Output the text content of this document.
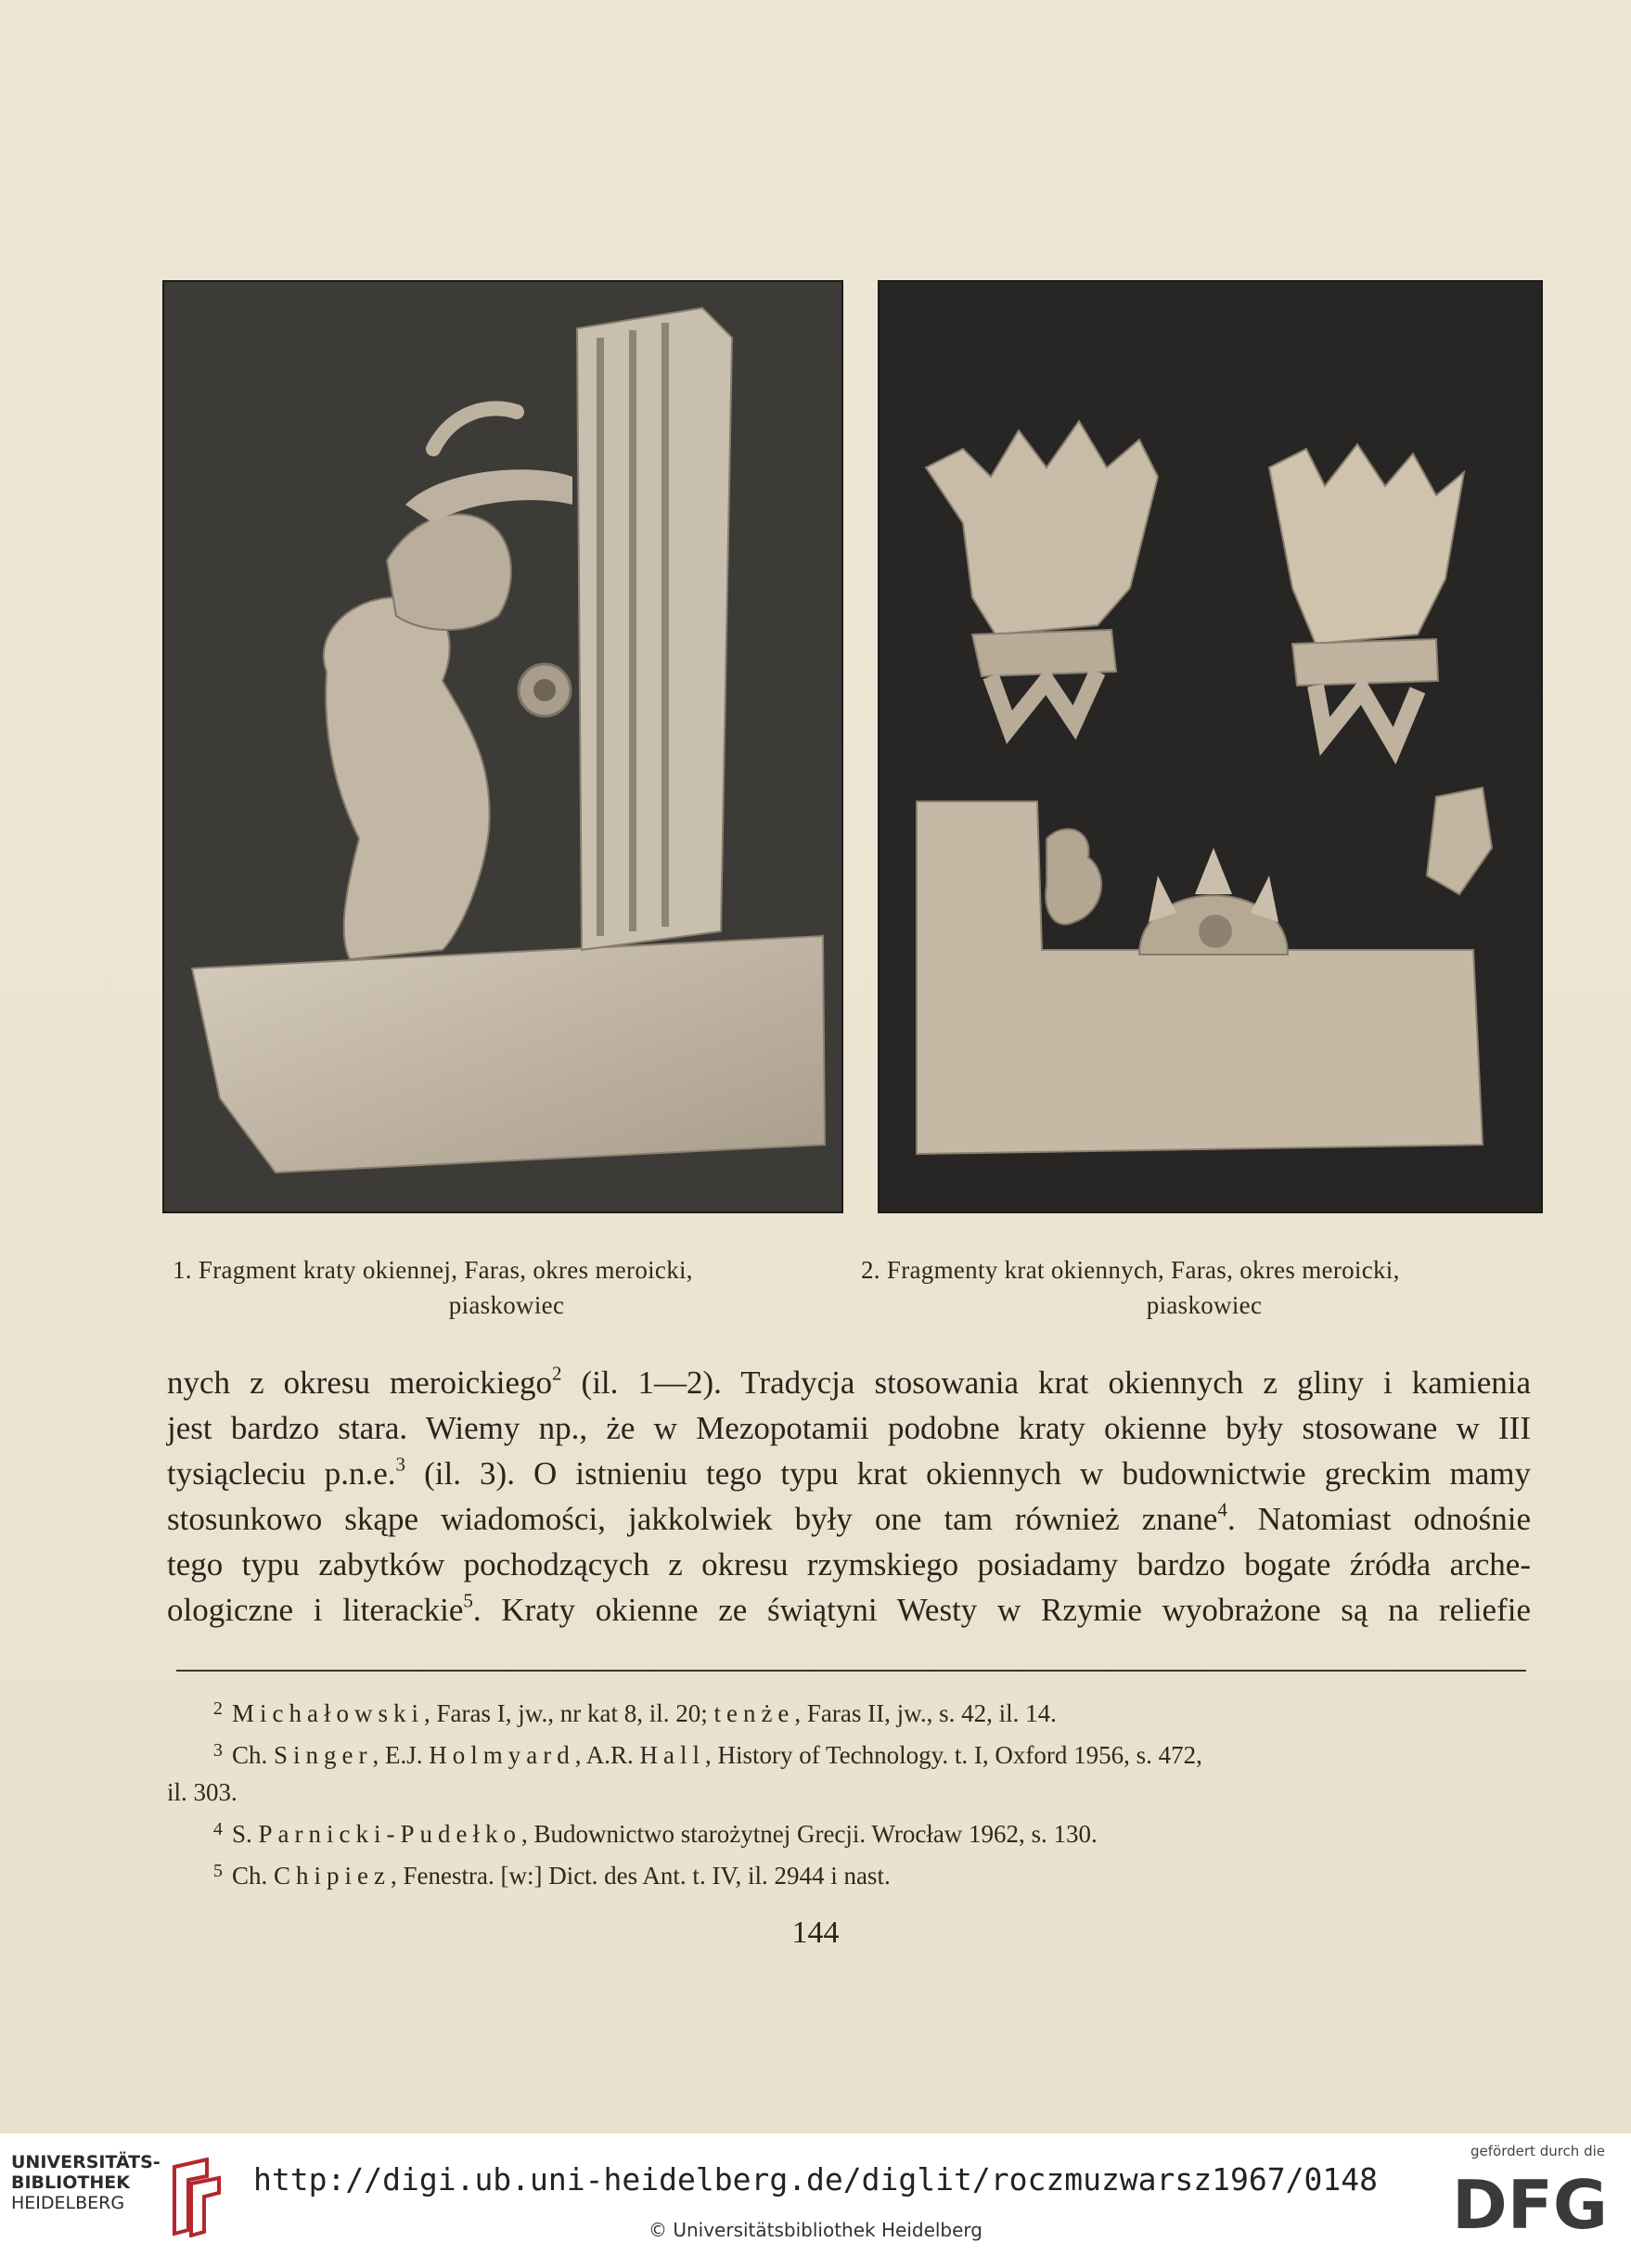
1. Fragment kraty okiennej, Faras, okres meroicki,
piaskowiec
2. Fragmenty krat okiennych, Faras, okres meroicki,
piaskowiec

nych z okresu meroickiego$^2$ (il. 1—2). Tradycja stosowania krat okiennych z gliny i kamienia

jest bardzo stara. Wiemy np., że w Mezopotamii podobne kraty okienne były stosowane w III

tysiącleciu p.n.e.$^3$ (il. 3). O istnieniu tego typu krat okiennych w budownictwie greckim mamy

stosunkowo skąpe wiadomości, jakkolwiek były one tam również znane$^4$. Natomiast odnośnie

tego typu zabytków pochodzących z okresu rzymskiego posiadamy bardzo bogate źródła arche-

ologiczne i literackie$^5$. Kraty okienne ze świątyni Westy w Rzymie wyobrażone są na reliefie

2 Michałowski, Faras I, jw., nr kat 8, il. 20; tenże, Faras II, jw., s. 42, il. 14.

3 Ch. Singer, E.J. Holmyard, A.R. Hall, History of Technology. t. I, Oxford 1956, s. 472,

il. 303.

4 S. Parnicki-Pudełko, Budownictwo starożytnej Grecji. Wrocław 1962, s. 130.

5 Ch. Chipiez, Fenestra. [w:] Dict. des Ant. t. IV, il. 2944 i nast.

144
UNIVERSITÄTS-
BIBLIOTHEK
HEIDELBERG
http://digi.ub.uni-heidelberg.de/diglit/roczmuzwarsz1967/0148
© Universitätsbibliothek Heidelberg
gefördert durch die
DFG
